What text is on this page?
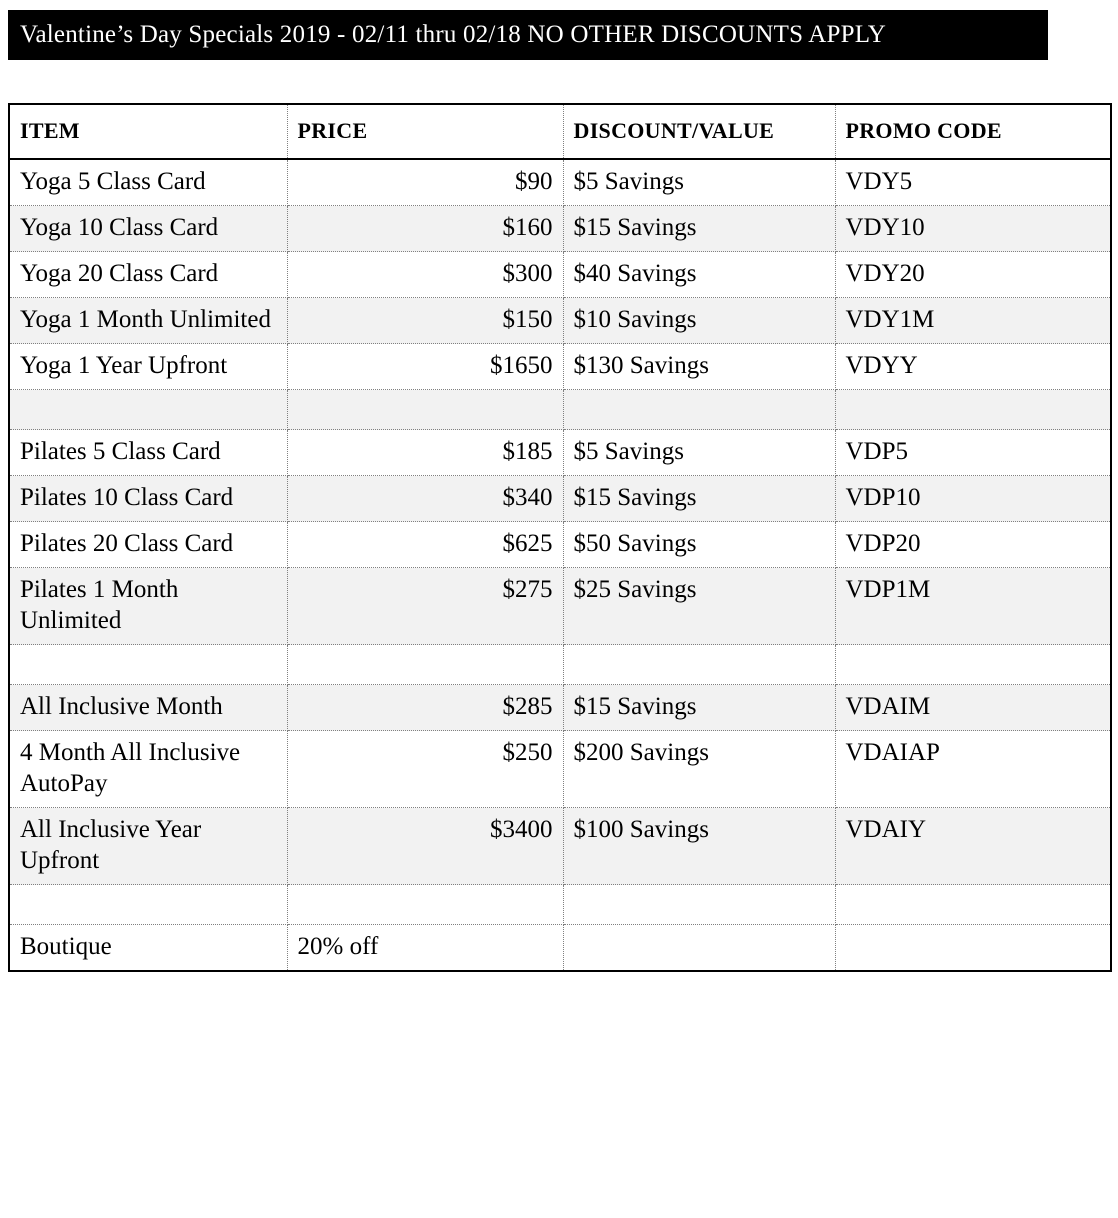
Valentine’s Day Specials 2019 - 02/11 thru 02/18 NO OTHER DISCOUNTS APPLY
ITEM	PRICE	DISCOUNT/VALUE	PROMO CODE
Yoga 5 Class Card	$90	$5 Savings	VDY5
Yoga 10 Class Card	$160	$15 Savings	VDY10
Yoga 20 Class Card	$300	$40 Savings	VDY20
Yoga 1 Month Unlimited	$150	$10 Savings	VDY1M
Yoga 1 Year Upfront	$1650	$130 Savings	VDYY

Pilates 5 Class Card	$185	$5 Savings	VDP5
Pilates 10 Class Card	$340	$15 Savings	VDP10
Pilates 20 Class Card	$625	$50 Savings	VDP20
Pilates 1 Month Unlimited	$275	$25 Savings	VDP1M

All Inclusive Month	$285	$15 Savings	VDAIM
4 Month All Inclusive AutoPay	$250	$200 Savings	VDAIAP
All Inclusive Year Upfront	$3400	$100 Savings	VDAIY

Boutique	20% off		
